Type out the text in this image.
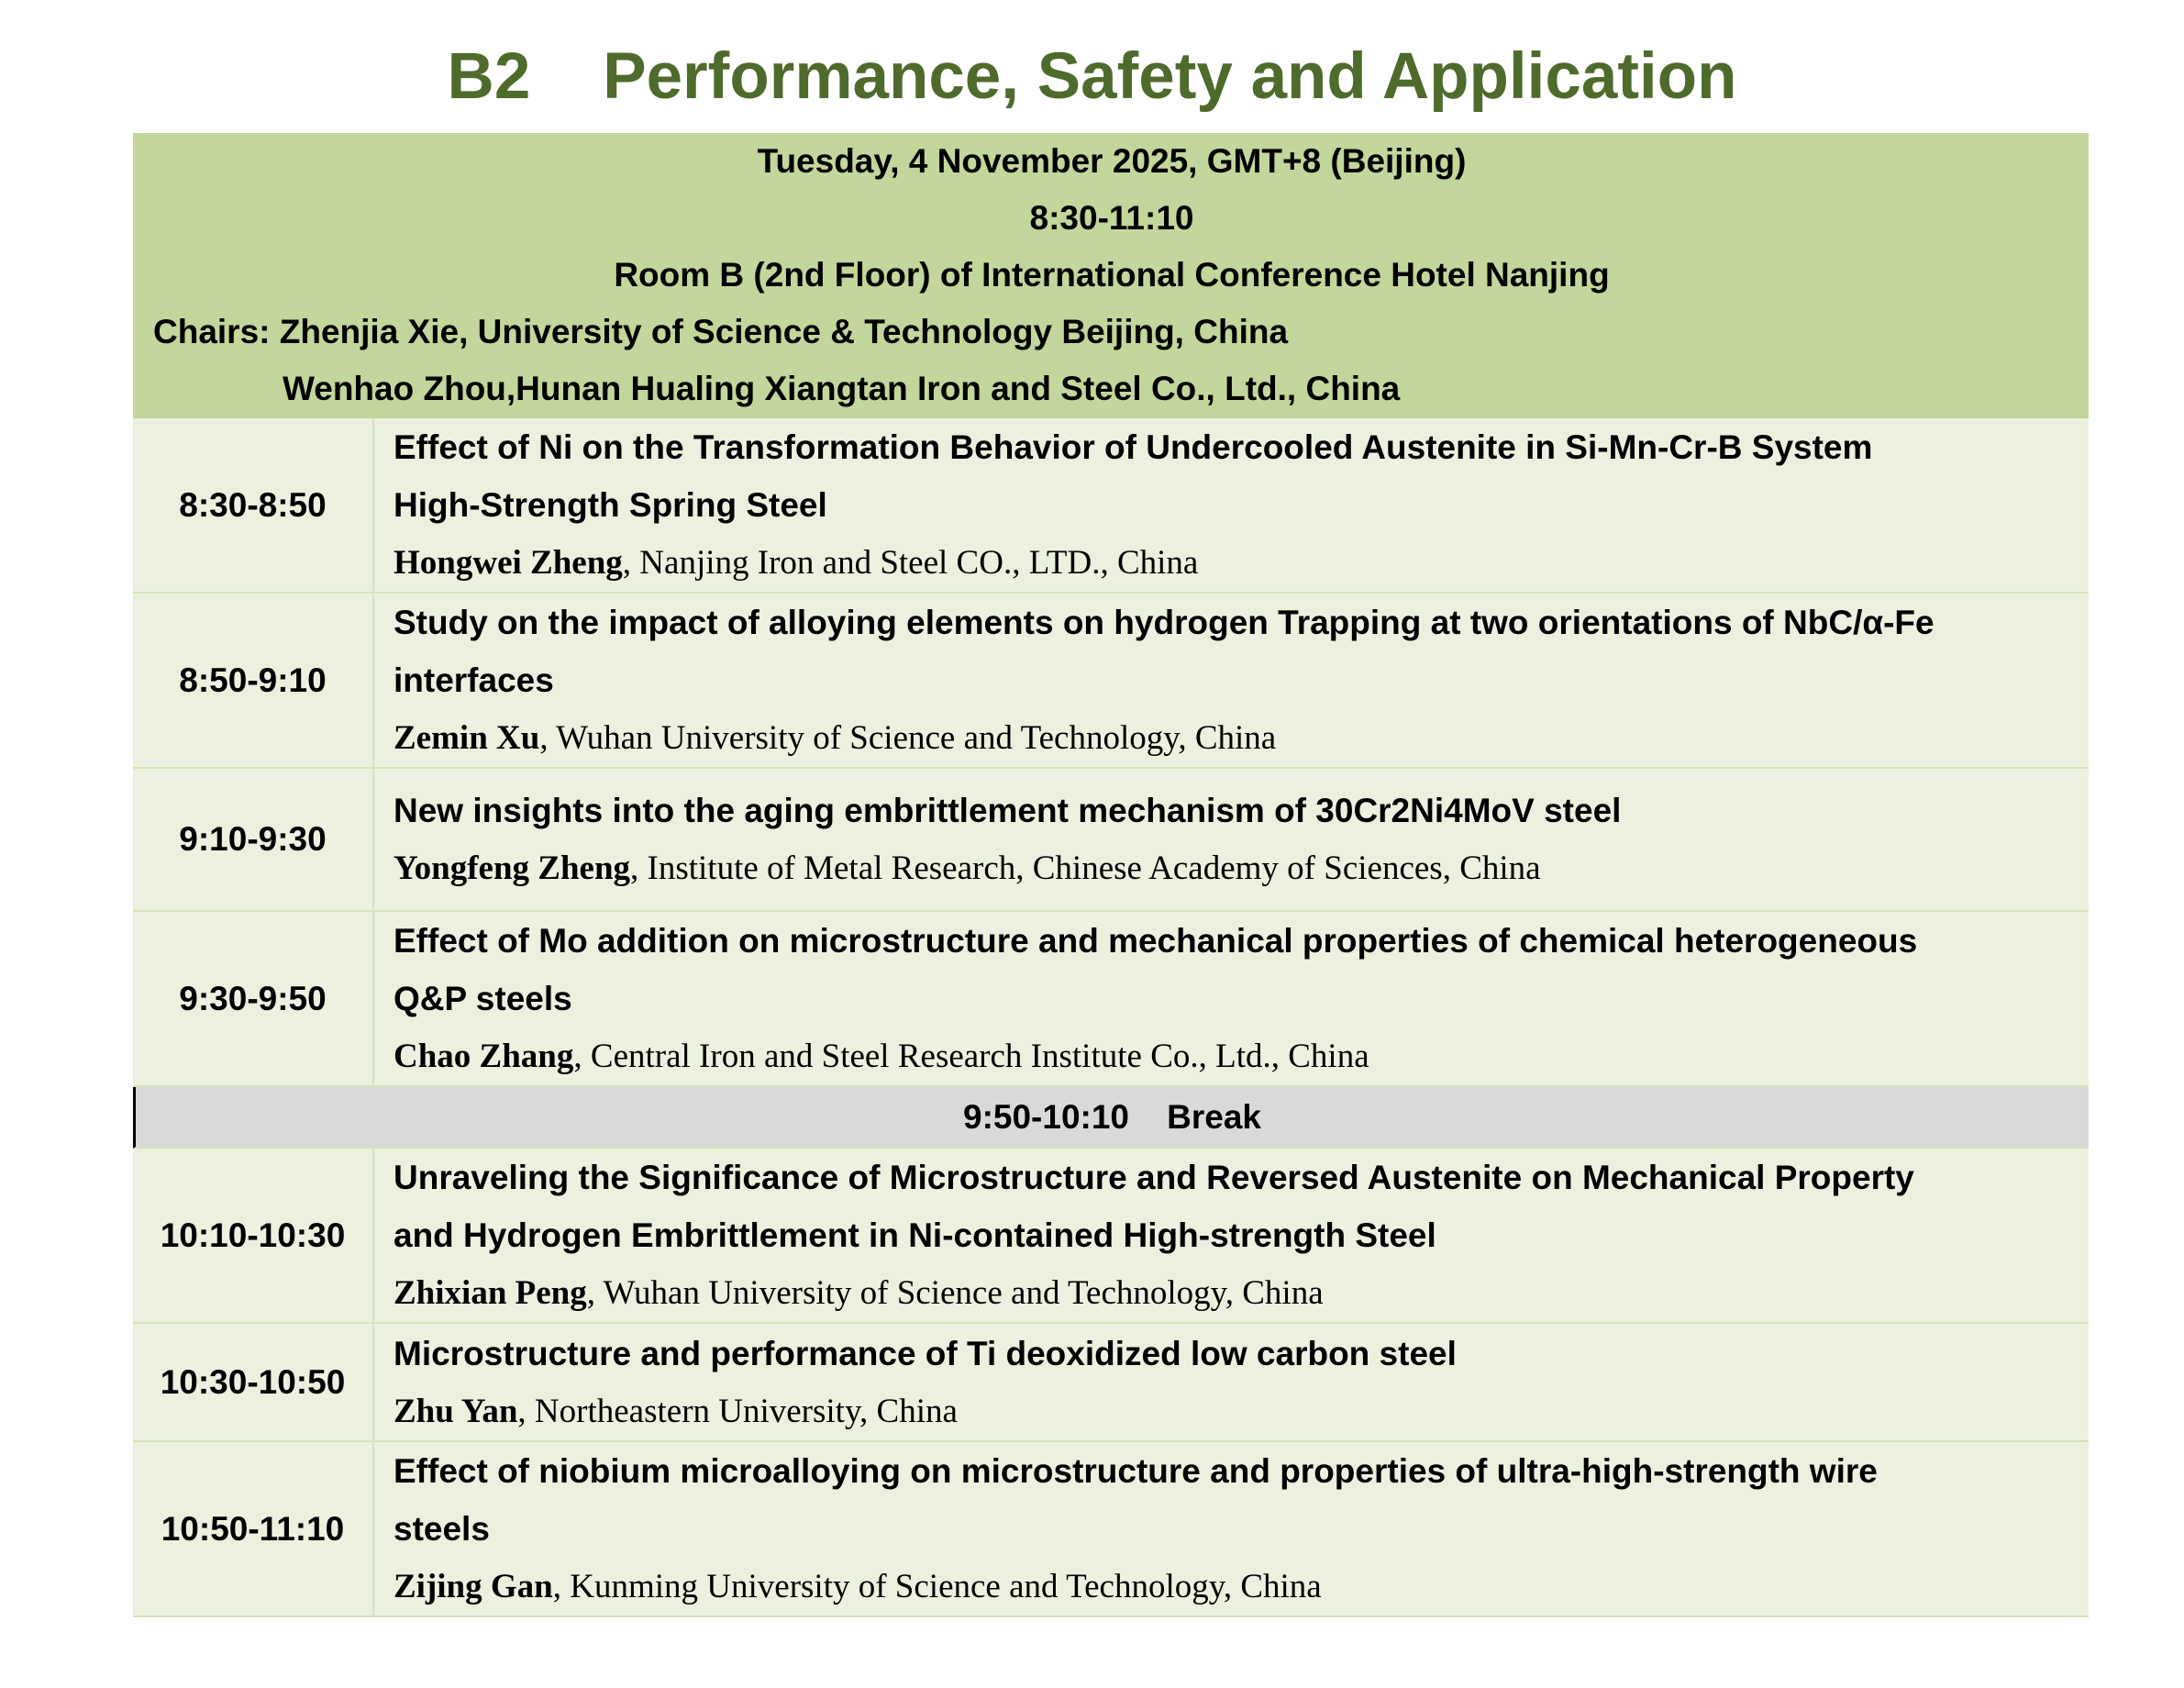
B2    Performance, Safety and Application
Tuesday, 4 November 2025, GMT+8 (Beijing)
8:30-11:10
Room B (2nd Floor) of International Conference Hotel Nanjing
Chairs: Zhenjia Xie, University of Science & Technology Beijing, China
Wenhao Zhou,Hunan Hualing Xiangtan Iron and Steel Co., Ltd., China
8:30-8:50
Effect of Ni on the Transformation Behavior of Undercooled Austenite in Si-Mn-Cr-B System
High-Strength Spring Steel
Hongwei Zheng, Nanjing Iron and Steel CO., LTD., China
8:50-9:10
Study on the impact of alloying elements on hydrogen Trapping at two orientations of NbC/α-Fe
interfaces
Zemin Xu, Wuhan University of Science and Technology, China
9:10-9:30
New insights into the aging embrittlement mechanism of 30Cr2Ni4MoV steel
Yongfeng Zheng, Institute of Metal Research, Chinese Academy of Sciences, China
9:30-9:50
Effect of Mo addition on microstructure and mechanical properties of chemical heterogeneous
Q&P steels
Chao Zhang, Central Iron and Steel Research Institute Co., Ltd., China
9:50-10:10    Break
10:10-10:30
Unraveling the Significance of Microstructure and Reversed Austenite on Mechanical Property
and Hydrogen Embrittlement in Ni-contained High-strength Steel
Zhixian Peng, Wuhan University of Science and Technology, China
10:30-10:50
Microstructure and performance of Ti deoxidized low carbon steel
Zhu Yan, Northeastern University, China
10:50-11:10
Effect of niobium microalloying on microstructure and properties of ultra-high-strength wire
steels
Zijing Gan, Kunming University of Science and Technology, China
